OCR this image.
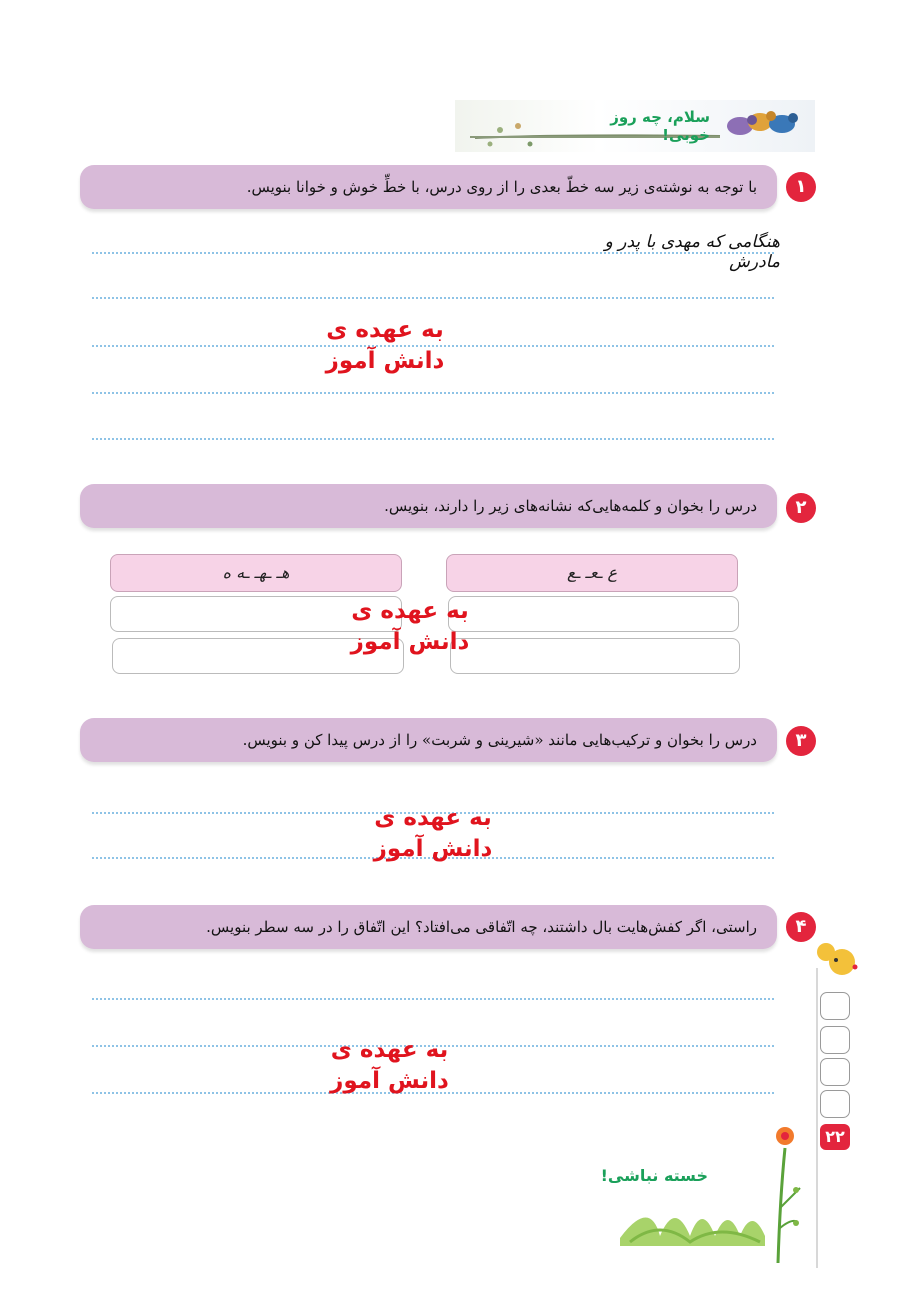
سلام، چه روز خوبی!
با توجه به نوشته‌ی زیر سه خطّ بعدی را از روی درس، با خطِّ خوش و خوانا بنویس.	۱
هنگامی که مهدی با پدر و مادرش
به عهده ی
دانش آموز
درس را بخوان و کلمه‌هایی‌که نشانه‌های زیر را دارند، بنویس.	۲
ع ـعـ ـع
هـ ـهـ ـه ه
به عهده ی
دانش آموز
درس را بخوان و ترکیب‌هایی مانند «شیرینی و شربت» را از درس پیدا کن و بنویس.	۳
به عهده ی
دانش آموز
راستی، اگر کفش‌هایت بال داشتند، چه اتّفاقی می‌افتاد؟ این اتّفاق را در سه سطر بنویس.	۴
به عهده ی
دانش آموز
۲۲
خسته نباشی!
